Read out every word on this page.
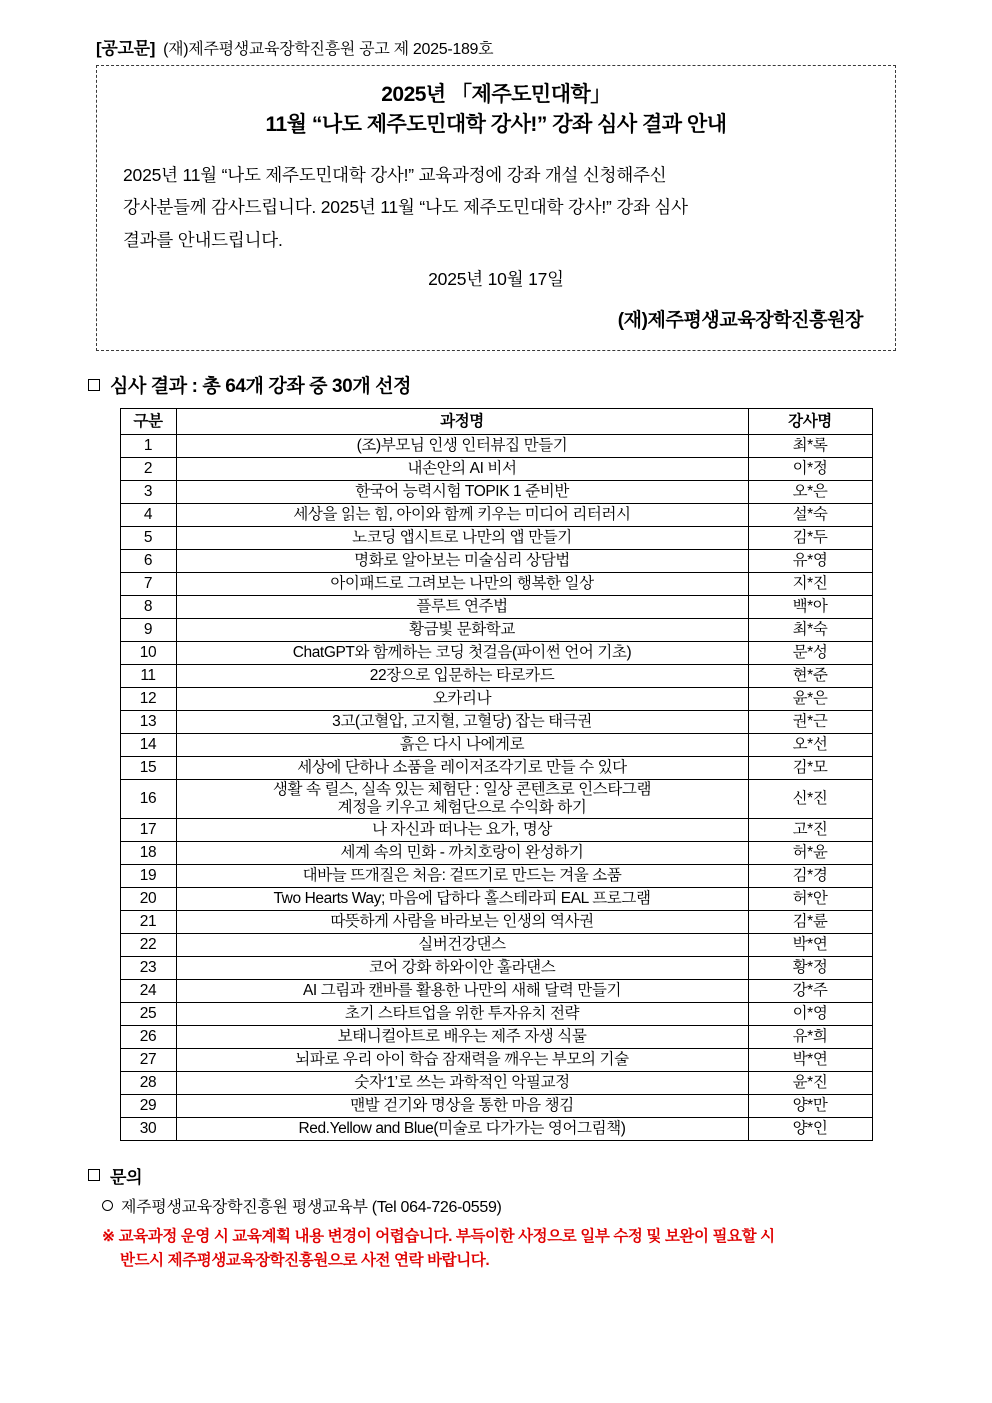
[공고문] (재)제주평생교육장학진흥원 공고 제 2025-189호
2025년 「제주도민대학」
11월 “나도 제주도민대학 강사!” 강좌 심사 결과 안내
2025년 11월 “나도 제주도민대학 강사!” 교육과정에 강좌 개설 신청해주신
강사분들께 감사드립니다. 2025년 11월 “나도 제주도민대학 강사!” 강좌 심사
결과를 안내드립니다.
2025년 10월 17일
(재)제주평생교육장학진흥원장
심사 결과 : 총 64개 강좌 중 30개 선정
구분	과정명	강사명
1	(조)부모님 인생 인터뷰집 만들기	최*록
2	내손안의 AI 비서	이*정
3	한국어 능력시험 TOPIK 1 준비반	오*은
4	세상을 읽는 힘, 아이와 함께 키우는 미디어 리터러시	설*숙
5	노코딩 앱시트로 나만의 앱 만들기	김*두
6	명화로 알아보는 미술심리 상담법	유*영
7	아이패드로 그려보는 나만의 행복한 일상	지*진
8	플루트 연주법	백*아
9	황금빛 문화학교	최*숙
10	ChatGPT와 함께하는 코딩 첫걸음(파이썬 언어 기초)	문*성
11	22장으로 입문하는 타로카드	현*준
12	오카리나	윤*은
13	3고(고혈압, 고지혈, 고혈당) 잡는 태극권	권*근
14	흙은 다시 나에게로	오*선
15	세상에 단하나 소품을 레이저조각기로 만들 수 있다	김*모
16	생활 속 릴스, 실속 있는 체험단 : 일상 콘텐츠로 인스타그램
계정을 키우고 체험단으로 수익화 하기	신*진
17	나 자신과 떠나는 요가, 명상	고*진
18	세계 속의 민화 - 까치호랑이 완성하기	허*윤
19	대바늘 뜨개질은 처음: 겉뜨기로 만드는 겨울 소품	김*경
20	Two Hearts Way; 마음에 답하다 홀스테라피 EAL 프로그램	허*안
21	따뜻하게 사람을 바라보는 인생의 역사권	김*륜
22	실버건강댄스	박*연
23	코어 강화 하와이안 훌라댄스	황*정
24	AI 그림과 캔바를 활용한 나만의 새해 달력 만들기	강*주
25	초기 스타트업을 위한 투자유치 전략	이*영
26	보태니컬아트로 배우는 제주 자생 식물	유*희
27	뇌파로 우리 아이 학습 잠재력을 깨우는 부모의 기술	박*연
28	숫자‘1’로 쓰는 과학적인 악필교정	윤*진
29	맨발 걷기와 명상을 통한 마음 챙김	양*만
30	Red.Yellow and Blue(미술로 다가가는 영어그림책)	양*인
문의
제주평생교육장학진흥원 평생교육부 (Tel 064-726-0559)
※ 교육과정 운영 시 교육계획 내용 변경이 어렵습니다. 부득이한 사정으로 일부 수정 및 보완이 필요할 시
반드시 제주평생교육장학진흥원으로 사전 연락 바랍니다.
